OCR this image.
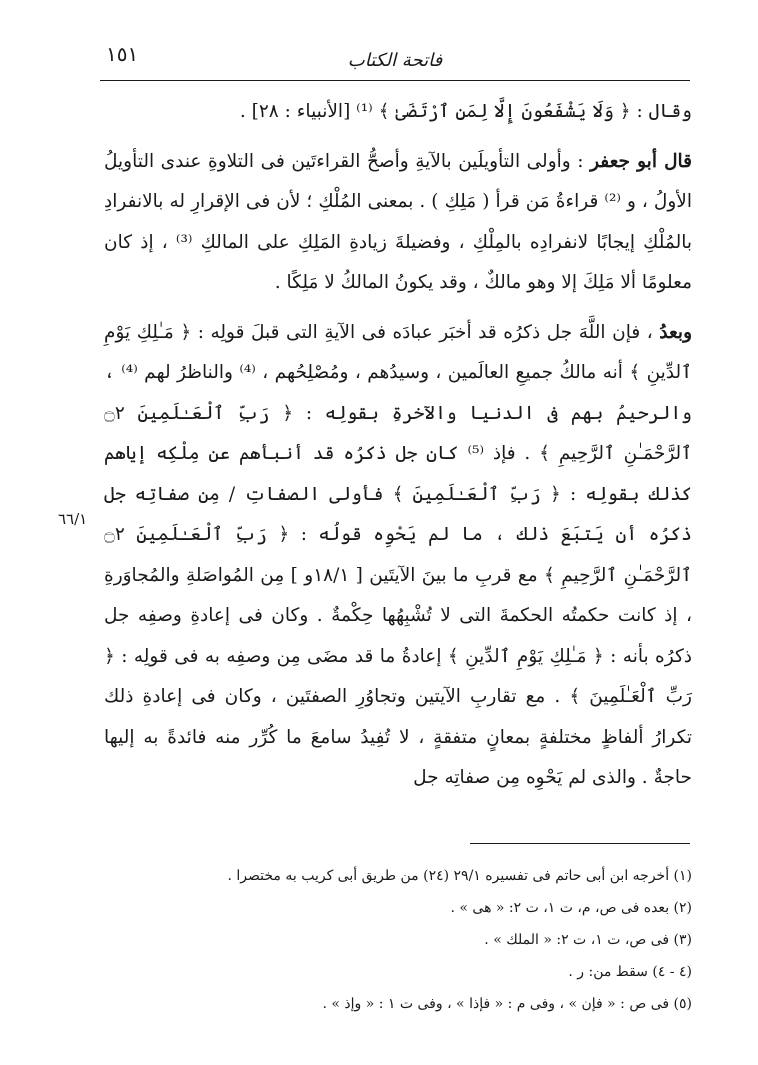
١٥١	فاتحة الكتاب

وقال : ﴿ وَلَا يَشْفَعُونَ إِلَّا لِمَنِ ٱرْتَضَىٰ ﴾ ⁽¹⁾ [الأنبياء : ٢٨] .

قال أبو جعفر : وأولى التأويلَين بالآيةِ وأصحُّ القراءتَين فى التلاوةِ عندى التأويلُ الأولُ ، و ⁽²⁾ قراءةُ مَن قرأ ( مَلِكِ ) . بمعنى المُلْكِ ؛ لأن فى الإقرارِ له بالانفرادِ بالمُلْكِ إيجابًا لانفرادِه بالمِلْكِ ، وفضيلةَ زيادةِ المَلِكِ على المالكِ ⁽³⁾ ، إذ كان معلومًا ألا مَلِكَ إلا وهو مالكٌ ، وقد يكونُ المالكُ لا مَلِكًا .

وبعدُ ، فإن اللَّهَ جل ذكرُه قد أخبَر عبادَه فى الآيةِ التى قبلَ قولِه : ﴿ مَـٰلِكِ يَوْمِ ٱلدِّينِ ﴾ أنه مالكُ جميعِ العالَمين ، وسيدُهم ، ومُصْلِحُهم ، ⁽⁴⁾ والناظرُ لهم ⁽⁴⁾ ، والرحيمُ بهم فى الدنيا والآخرةِ بقولِه : ﴿ رَبِّ ٱلْعَـٰلَمِينَ ۝٢ ٱلرَّحْمَـٰنِ ٱلرَّحِيمِ ﴾ . فإذ ⁽⁵⁾ كان جل ذكرُه قد أنبأهم عن مِلْكِه إياهم كذلك بقولِه : ﴿ رَبِّ ٱلْعَـٰلَمِينَ ﴾ فأولى الصفاتِ / مِن صفاتِه جل ذكرُه أن يَتبَعَ ذلك ، ما لم يَحْوِه قولُه : ﴿ رَبِّ ٱلْعَـٰلَمِينَ ۝٢ ٱلرَّحْمَـٰنِ ٱلرَّحِيمِ ﴾ مع قربِ ما بينَ الآيتَين [ ١٨/١و ] مِن المُواصَلةِ والمُجاوَرةِ ، إذ كانت حكمتُه الحكمةَ التى لا تُشْبِهُها حِكْمةٌ . وكان فى إعادةِ وصفِه جل ذكرُه بأنه : ﴿ مَـٰلِكِ يَوْمِ ٱلدِّينِ ﴾ إعادةُ ما قد مضَى مِن وصفِه به فى قولِه : ﴿ رَبِّ ٱلْعَـٰلَمِينَ ﴾ . مع تقاربِ الآيتين وتجاوُرِ الصفتَين ، وكان فى إعادةِ ذلك تكرارُ ألفاظٍ مختلفةٍ بمعانٍ متفقةٍ ، لا تُفِيدُ سامعَ ما كُرِّر منه فائدةً به إليها حاجةٌ . والذى لم يَحْوِه مِن صفاتِه جل

٦٦/١

(١) أخرجه ابن أبى حاتم فى تفسيره ٢٩/١ (٢٤) من طريق أبى كريب به مختصرا .

(٢) بعده فى ص، م، ت ١، ت ٢: « هى » .

(٣) فى ص، ت ١، ت ٢: « الملك » .

(٤ - ٤) سقط من: ر .

(٥) فى ص : « فإن » ، وفى م : « فإذا » ، وفى ت ١ : « وإذ » .
